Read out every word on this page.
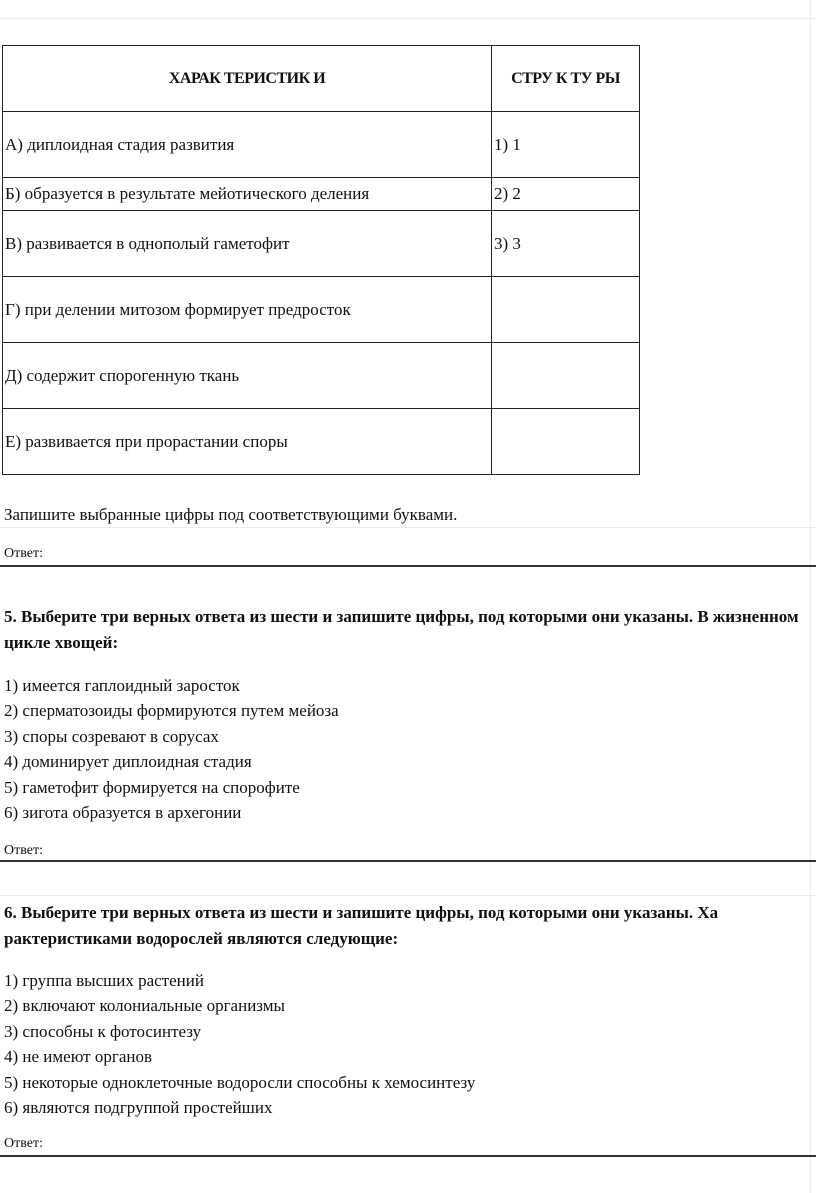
ХАРАК ТЕРИСТИК И	СТРУ К ТУ РЫ
А) диплоидная стадия развития	1) 1
Б) образуется в результате мейотического деления	2) 2
В) развивается в однополый гаметофит	3) 3
Г) при делении митозом формирует предросток	
Д) содержит спорогенную ткань	
Е) развивается при прорастании споры	
Запишите выбранные цифры под соответствующими буквами.
Ответ:
5. Выберите три верных ответа из шести и запишите цифры, под которыми они указаны. В жизненном цикле хвощей:
1) имеется гаплоидный заросток
2) сперматозоиды формируются путем мейоза
3) споры созревают в сорусах
4) доминирует диплоидная стадия
5) гаметофит формируется на спорофите
6) зигота образуется в архегонии
Ответ:
6. Выберите три верных ответа из шести и запишите цифры, под которыми они указаны. Ха рактеристиками водорослей являются следующие:
1) группа высших растений
2) включают колониальные организмы
3) способны к фотосинтезу
4) не имеют органов
5) некоторые одноклеточные водоросли способны к хемосинтезу
6) являются подгруппой простейших
Ответ:
